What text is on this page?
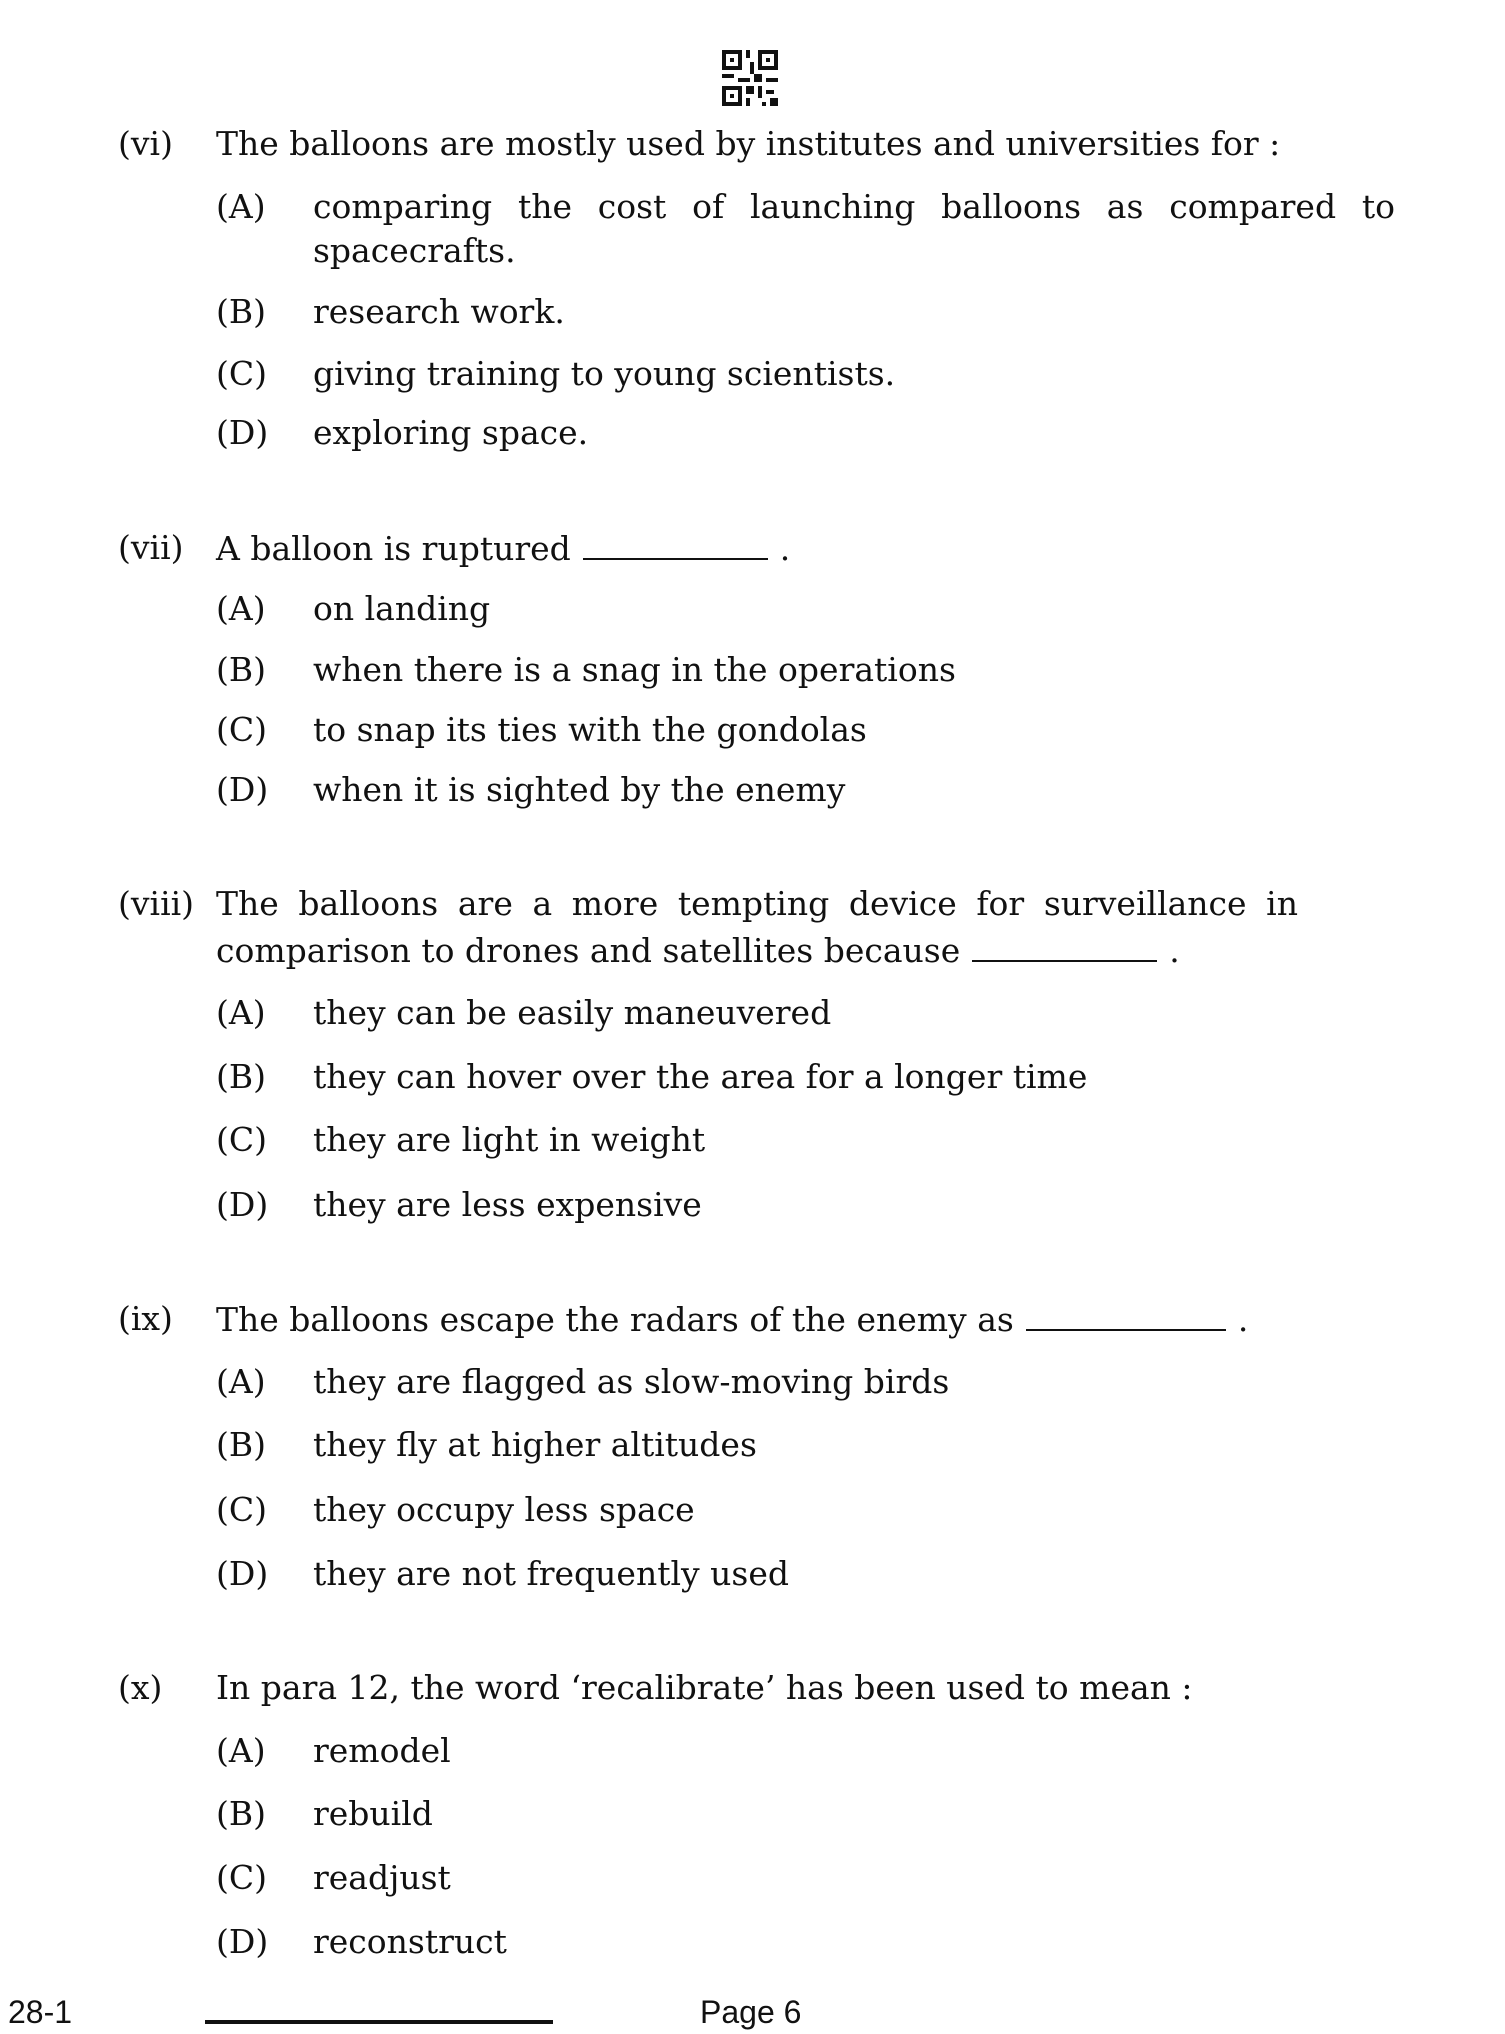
(vi) The balloons are mostly used by institutes and universities for :
(A) comparing the cost of launching balloons as compared to
spacecrafts.
(B) research work.
(C) giving training to young scientists.
(D) exploring space.
(vii) A balloon is ruptured	.
(A) on landing
(B) when there is a snag in the operations
(C) to snap its ties with the gondolas
(D) when it is sighted by the enemy
(viii) The balloons are a more tempting device for surveillance in
comparison to drones and satellites because	.
(A) they can be easily maneuvered
(B) they can hover over the area for a longer time
(C) they are light in weight
(D) they are less expensive
(ix) The balloons escape the radars of the enemy as	.
(A) they are flagged as slow-moving birds
(B) they fly at higher altitudes
(C) they occupy less space
(D) they are not frequently used
(x) In para 12, the word ‘recalibrate’ has been used to mean :
(A) remodel
(B) rebuild
(C) readjust
(D) reconstruct
28-1	Page 6
